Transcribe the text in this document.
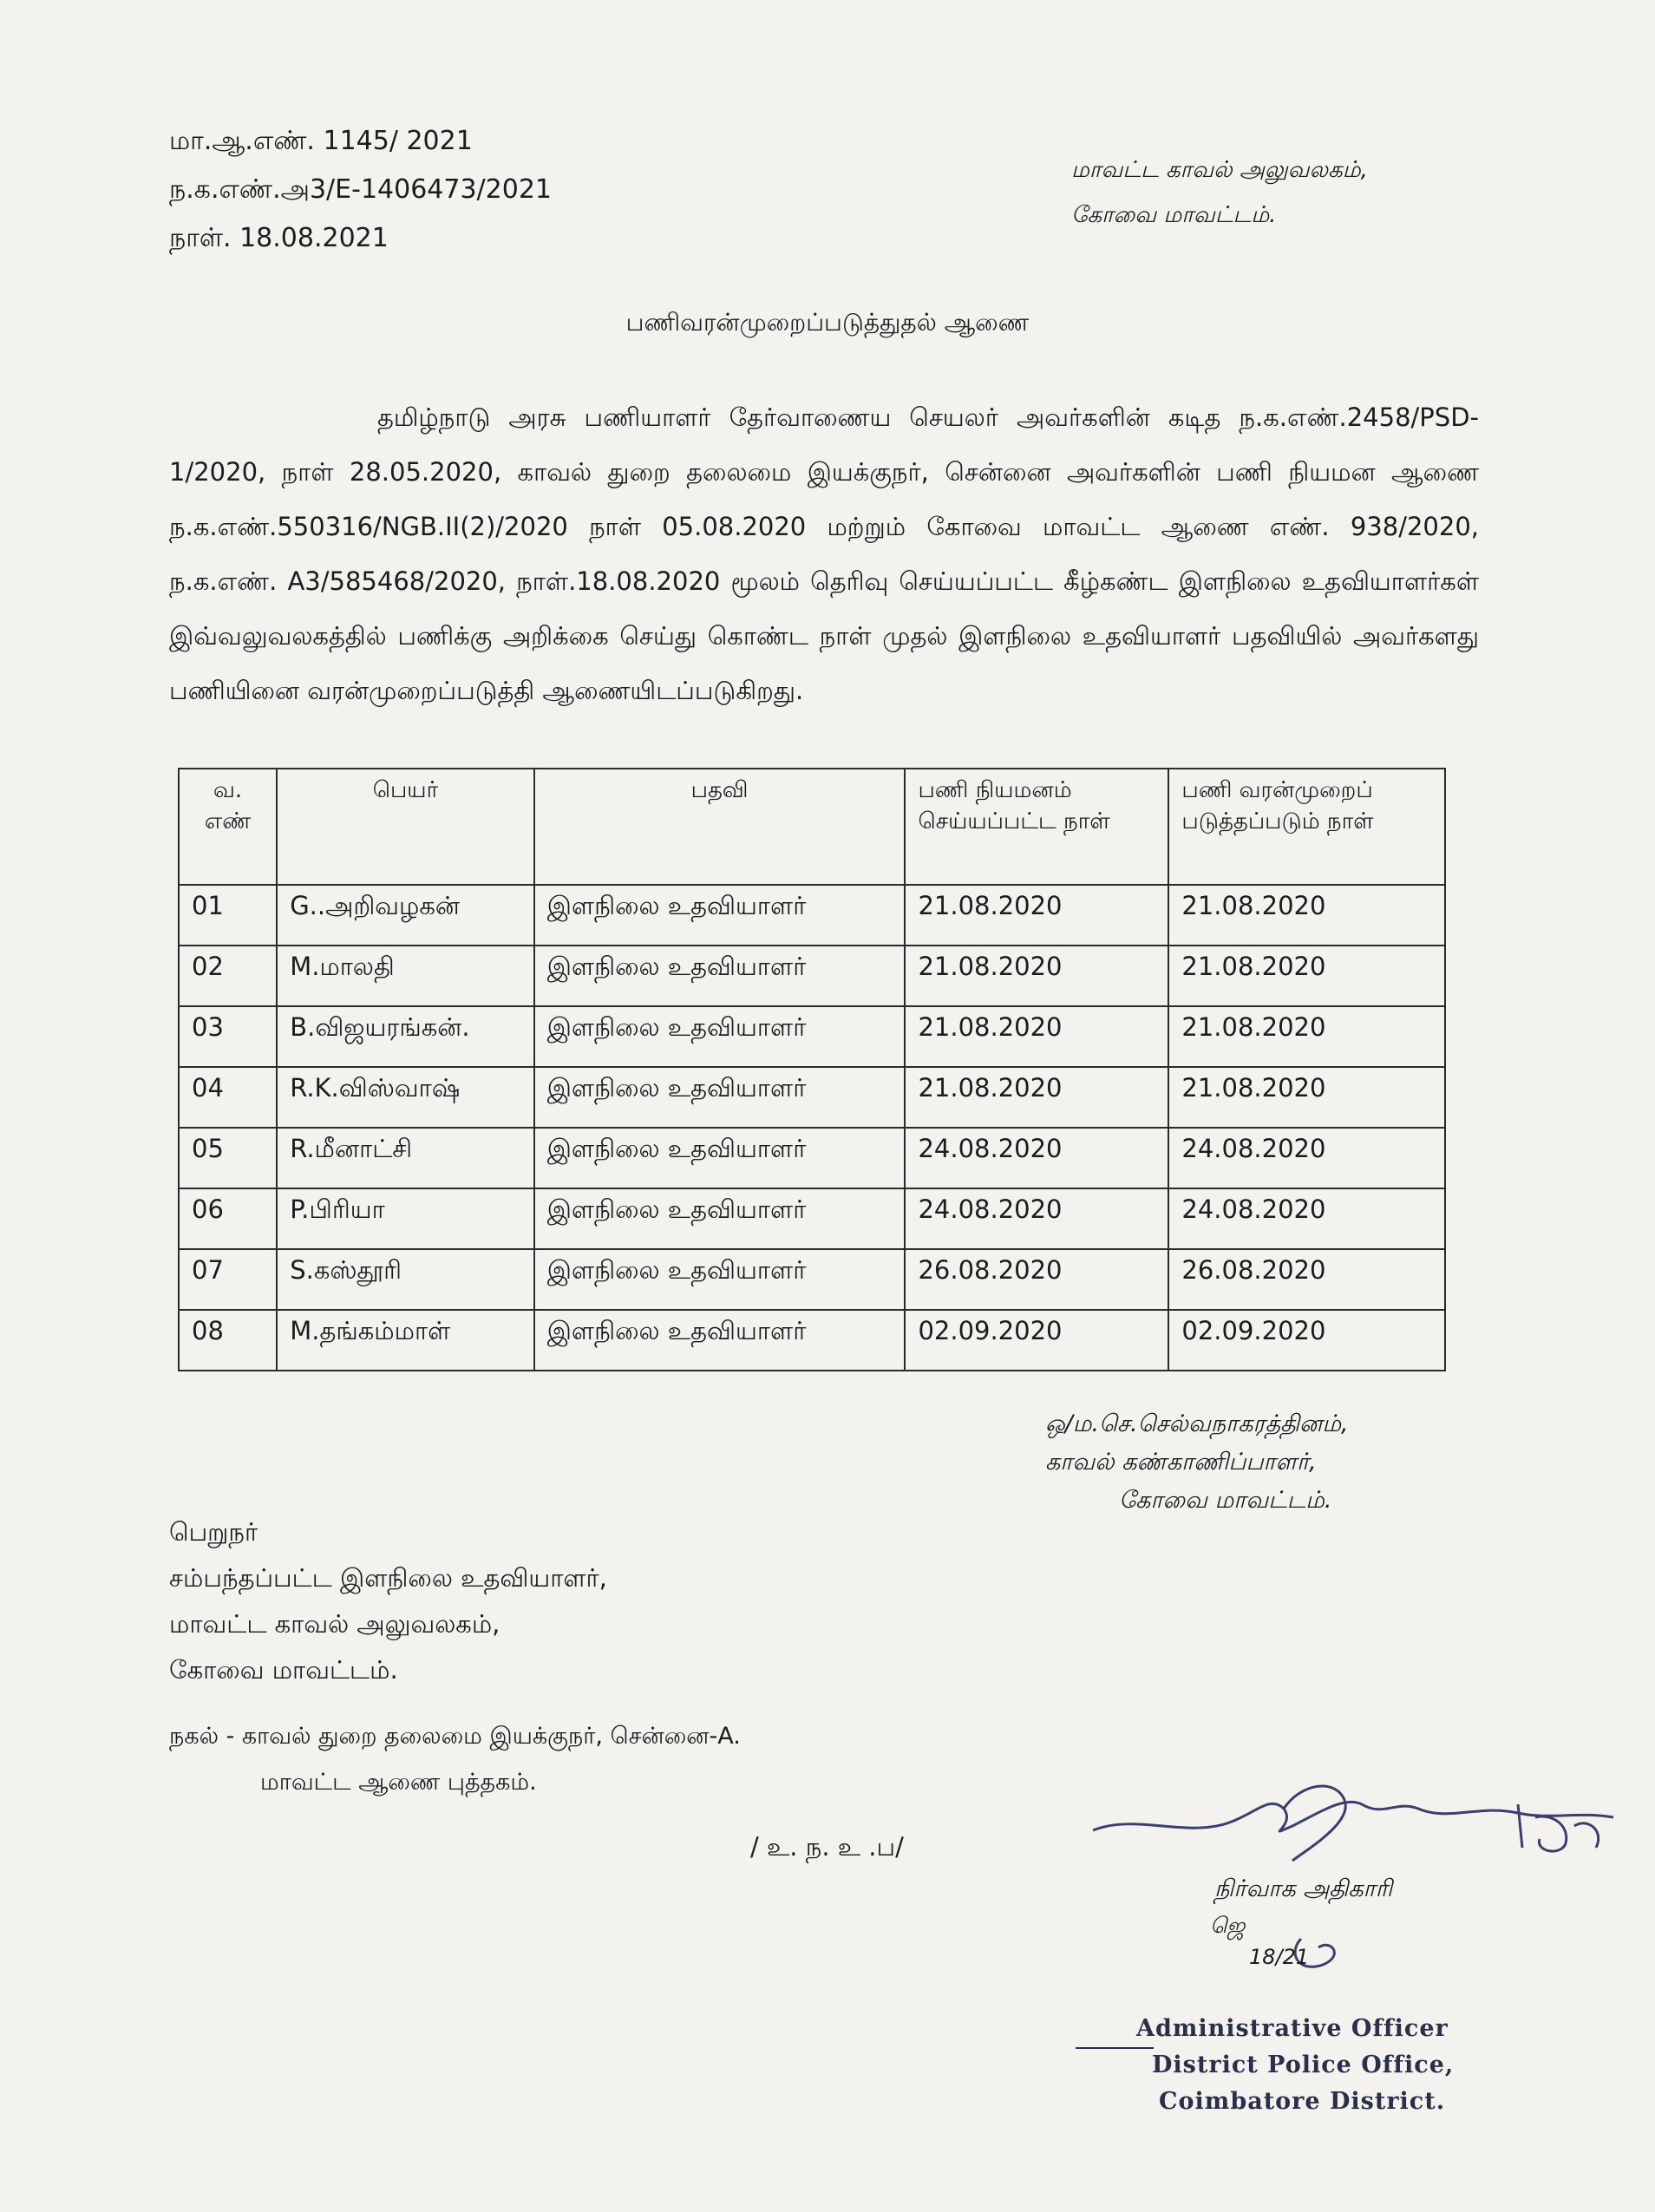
மா.ஆ.எண். 1145/ 2021
ந.க.எண்.அ3/E-1406473/2021
நாள். 18.08.2021
மாவட்ட காவல் அலுவலகம்,
கோவை மாவட்டம்.
பணிவரன்முறைப்படுத்துதல் ஆணை
தமிழ்நாடு அரசு பணியாளர் தேர்வாணைய செயலர் அவர்களின் கடித ந.க.எண்.2458/PSD-1/2020, நாள் 28.05.2020, காவல் துறை தலைமை இயக்குநர், சென்னை அவர்களின் பணி நியமன ஆணை ந.க.எண்.550316/NGB.II(2)/2020 நாள் 05.08.2020 மற்றும் கோவை மாவட்ட ஆணை எண். 938/2020, ந.க.எண். A3/585468/2020, நாள்.18.08.2020 மூலம் தெரிவு செய்யப்பட்ட கீழ்கண்ட இளநிலை உதவியாளர்கள் இவ்வலுவலகத்தில் பணிக்கு அறிக்கை செய்து கொண்ட நாள் முதல் இளநிலை உதவியாளர் பதவியில் அவர்களது பணியினை வரன்முறைப்படுத்தி ஆணையிடப்படுகிறது.
வ. எண்	பெயர்	பதவி	பணி நியமனம் செய்யப்பட்ட நாள்	பணி வரன்முறைப் படுத்தப்படும் நாள்
01	G..அறிவழகன்	இளநிலை உதவியாளர்	21.08.2020	21.08.2020
02	M.மாலதி	இளநிலை உதவியாளர்	21.08.2020	21.08.2020
03	B.விஜயரங்கன்.	இளநிலை உதவியாளர்	21.08.2020	21.08.2020
04	R.K.விஸ்வாஷ்	இளநிலை உதவியாளர்	21.08.2020	21.08.2020
05	R.மீனாட்சி	இளநிலை உதவியாளர்	24.08.2020	24.08.2020
06	P.பிரியா	இளநிலை உதவியாளர்	24.08.2020	24.08.2020
07	S.கஸ்தூரி	இளநிலை உதவியாளர்	26.08.2020	26.08.2020
08	M.தங்கம்மாள்	இளநிலை உதவியாளர்	02.09.2020	02.09.2020
ஒ/ம.செ.செல்வநாகரத்தினம்,
காவல் கண்காணிப்பாளர்,
கோவை மாவட்டம்.
பெறுநர்
சம்பந்தப்பட்ட இளநிலை உதவியாளர்,
மாவட்ட காவல் அலுவலகம்,
கோவை மாவட்டம்.
நகல் - காவல் துறை தலைமை இயக்குநர், சென்னை-A.
மாவட்ட ஆணை புத்தகம்.
/ உ. ந. உ .ப/
நிர்வாக அதிகாரி
ஜெ
18/21
Administrative Officer
District Police Office,
Coimbatore District.
